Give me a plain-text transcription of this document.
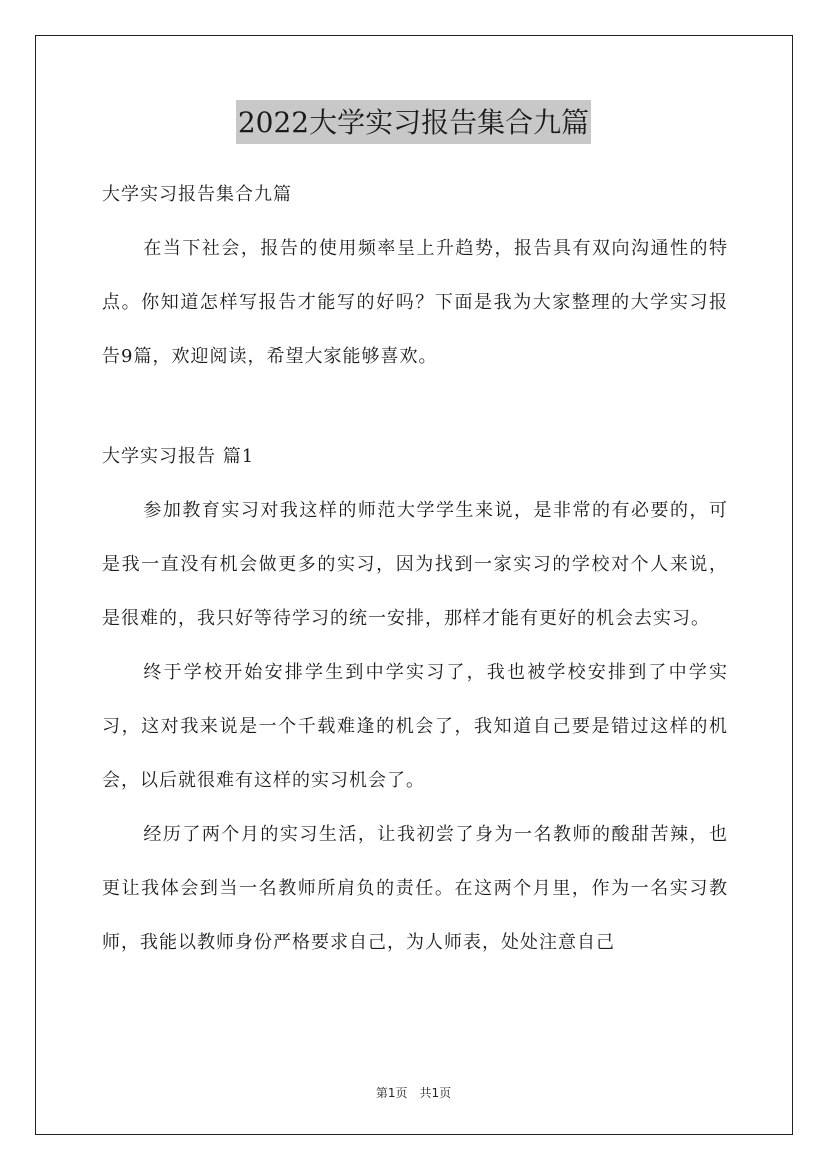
2022大学实习报告集合九篇

大学实习报告集合九篇

在当下社会，报告的使用频率呈上升趋势，报告具有双向沟通性的特点。你知道怎样写报告才能写的好吗？下面是我为大家整理的大学实习报告9篇，欢迎阅读，希望大家能够喜欢。

大学实习报告 篇1

参加教育实习对我这样的师范大学学生来说，是非常的有必要的，可是我一直没有机会做更多的实习，因为找到一家实习的学校对个人来说，是很难的，我只好等待学习的统一安排，那样才能有更好的机会去实习。

终于学校开始安排学生到中学实习了，我也被学校安排到了中学实习，这对我来说是一个千载难逢的机会了，我知道自己要是错过这样的机会，以后就很难有这样的实习机会了。

经历了两个月的实习生活，让我初尝了身为一名教师的酸甜苦辣，也更让我体会到当一名教师所肩负的责任。在这两个月里，作为一名实习教师，我能以教师身份严格要求自己，为人师表，处处注意自己

第1页　共1页
